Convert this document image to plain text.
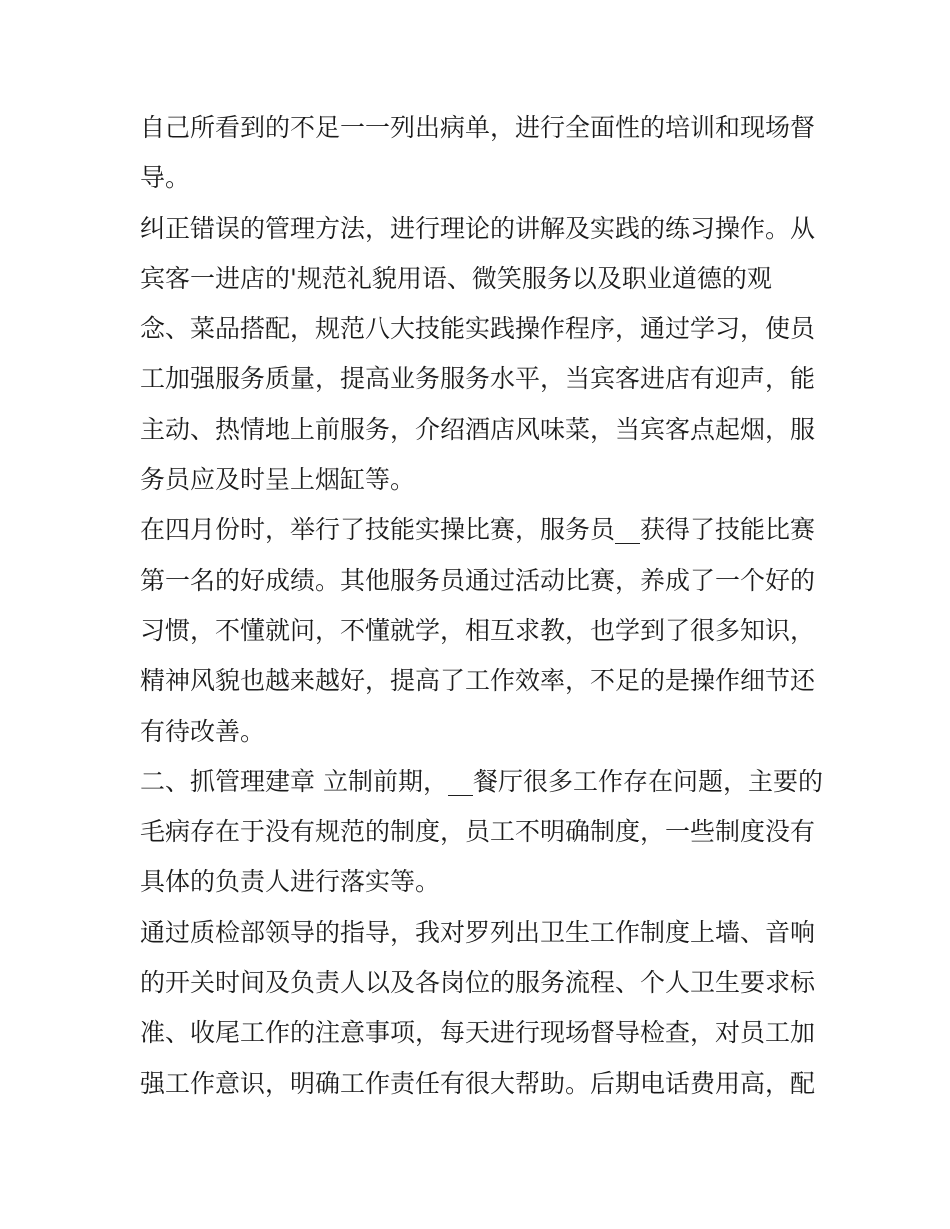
自己所看到的不足一一列出病单，进行全面性的培训和现场督
导。
纠正错误的管理方法，进行理论的讲解及实践的练习操作。从
宾客一进店的'规范礼貌用语、微笑服务以及职业道德的观
念、菜品搭配，规范八大技能实践操作程序，通过学习，使员
工加强服务质量，提高业务服务水平，当宾客进店有迎声，能
主动、热情地上前服务，介绍酒店风味菜，当宾客点起烟，服
务员应及时呈上烟缸等。
在四月份时，举行了技能实操比赛，服务员__获得了技能比赛
第一名的好成绩。其他服务员通过活动比赛，养成了一个好的
习惯，不懂就问，不懂就学，相互求教，也学到了很多知识，
精神风貌也越来越好，提高了工作效率，不足的是操作细节还
有待改善。
二、抓管理建章 立制前期，__餐厅很多工作存在问题，主要的
毛病存在于没有规范的制度，员工不明确制度，一些制度没有
具体的负责人进行落实等。
通过质检部领导的指导，我对罗列出卫生工作制度上墙、音响
的开关时间及负责人以及各岗位的服务流程、个人卫生要求标
准、收尾工作的注意事项，每天进行现场督导检查，对员工加
强工作意识，明确工作责任有很大帮助。后期电话费用高，配
